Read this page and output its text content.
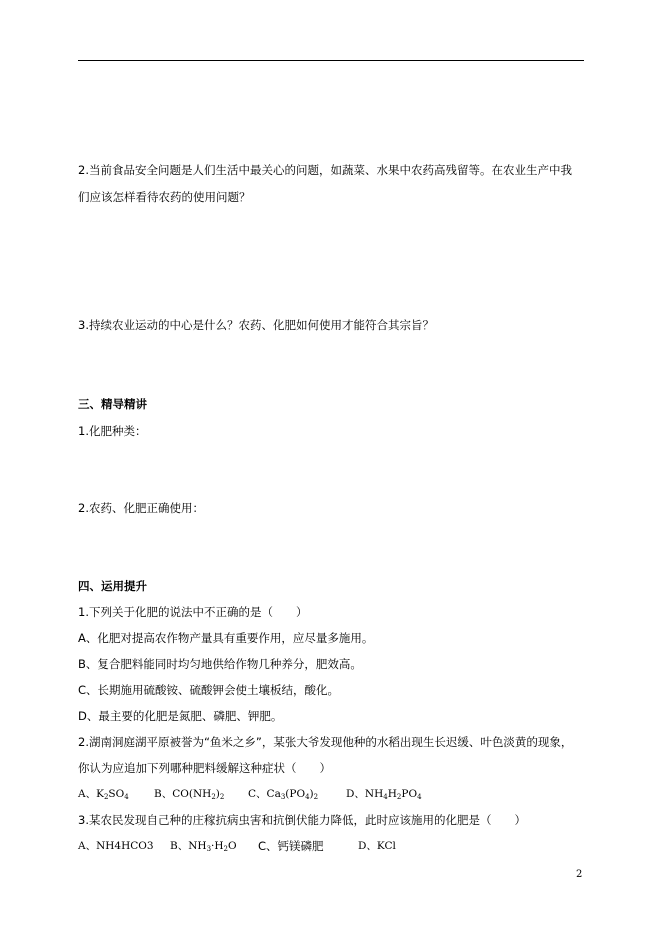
2.当前食品安全问题是人们生活中最关心的问题，如蔬菜、水果中农药高残留等。在农业生产中我
们应该怎样看待农药的使用问题？
3.持续农业运动的中心是什么？农药、化肥如何使用才能符合其宗旨？
三、精导精讲
1.化肥种类：
2.农药、化肥正确使用：
四、运用提升
1.下列关于化肥的说法中不正确的是（　　）
A、化肥对提高农作物产量具有重要作用，应尽量多施用。
B、复合肥料能同时均匀地供给作物几种养分，肥效高。
C、长期施用硫酸铵、硫酸钾会使土壤板结，酸化。
D、最主要的化肥是氮肥、磷肥、钾肥。
2.湖南洞庭湖平原被誉为“鱼米之乡”，某张大爷发现他种的水稻出现生长迟缓、叶色淡黄的现象，
你认为应追加下列哪种肥料缓解这种症状（　　）
A、$K_2SO_4$	B、$CO(NH_2)_2$	C、$Ca_3(PO_4)_2$	D、$NH_4H_2PO_4$
3.某农民发现自己种的庄稼抗病虫害和抗倒伏能力降低，此时应该施用的化肥是（　　）
A、NH4HCO3	B、$NH_3\cdot H_2O$	C、钙镁磷肥	D、KCl
2
